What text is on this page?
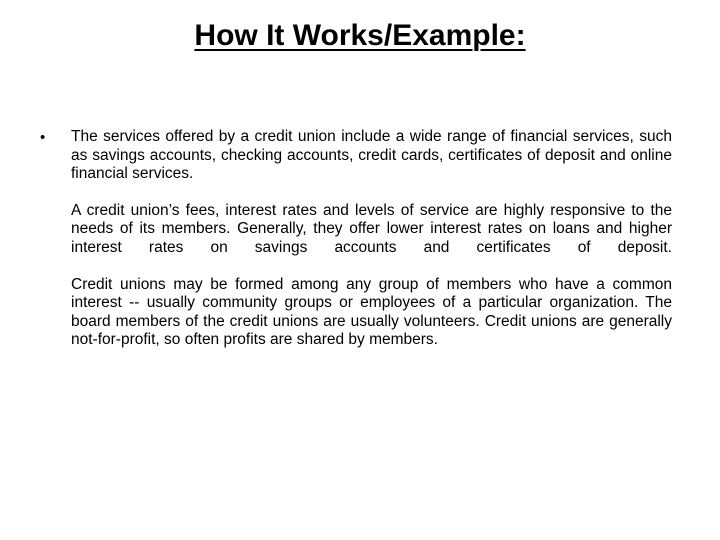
How It Works/Example:
• The services offered by a credit union include a wide range of financial services, such as savings accounts, checking accounts, credit cards, certificates of deposit and online financial services.

A credit union’s fees, interest rates and levels of service are highly responsive to the needs of its members. Generally, they offer lower interest rates on loans and higher interest rates on savings accounts and certificates of deposit.

Credit unions may be formed among any group of members who have a common interest -- usually community groups or employees of a particular organization. The board members of the credit unions are usually volunteers. Credit unions are generally not-for-profit, so often profits are shared by members.
